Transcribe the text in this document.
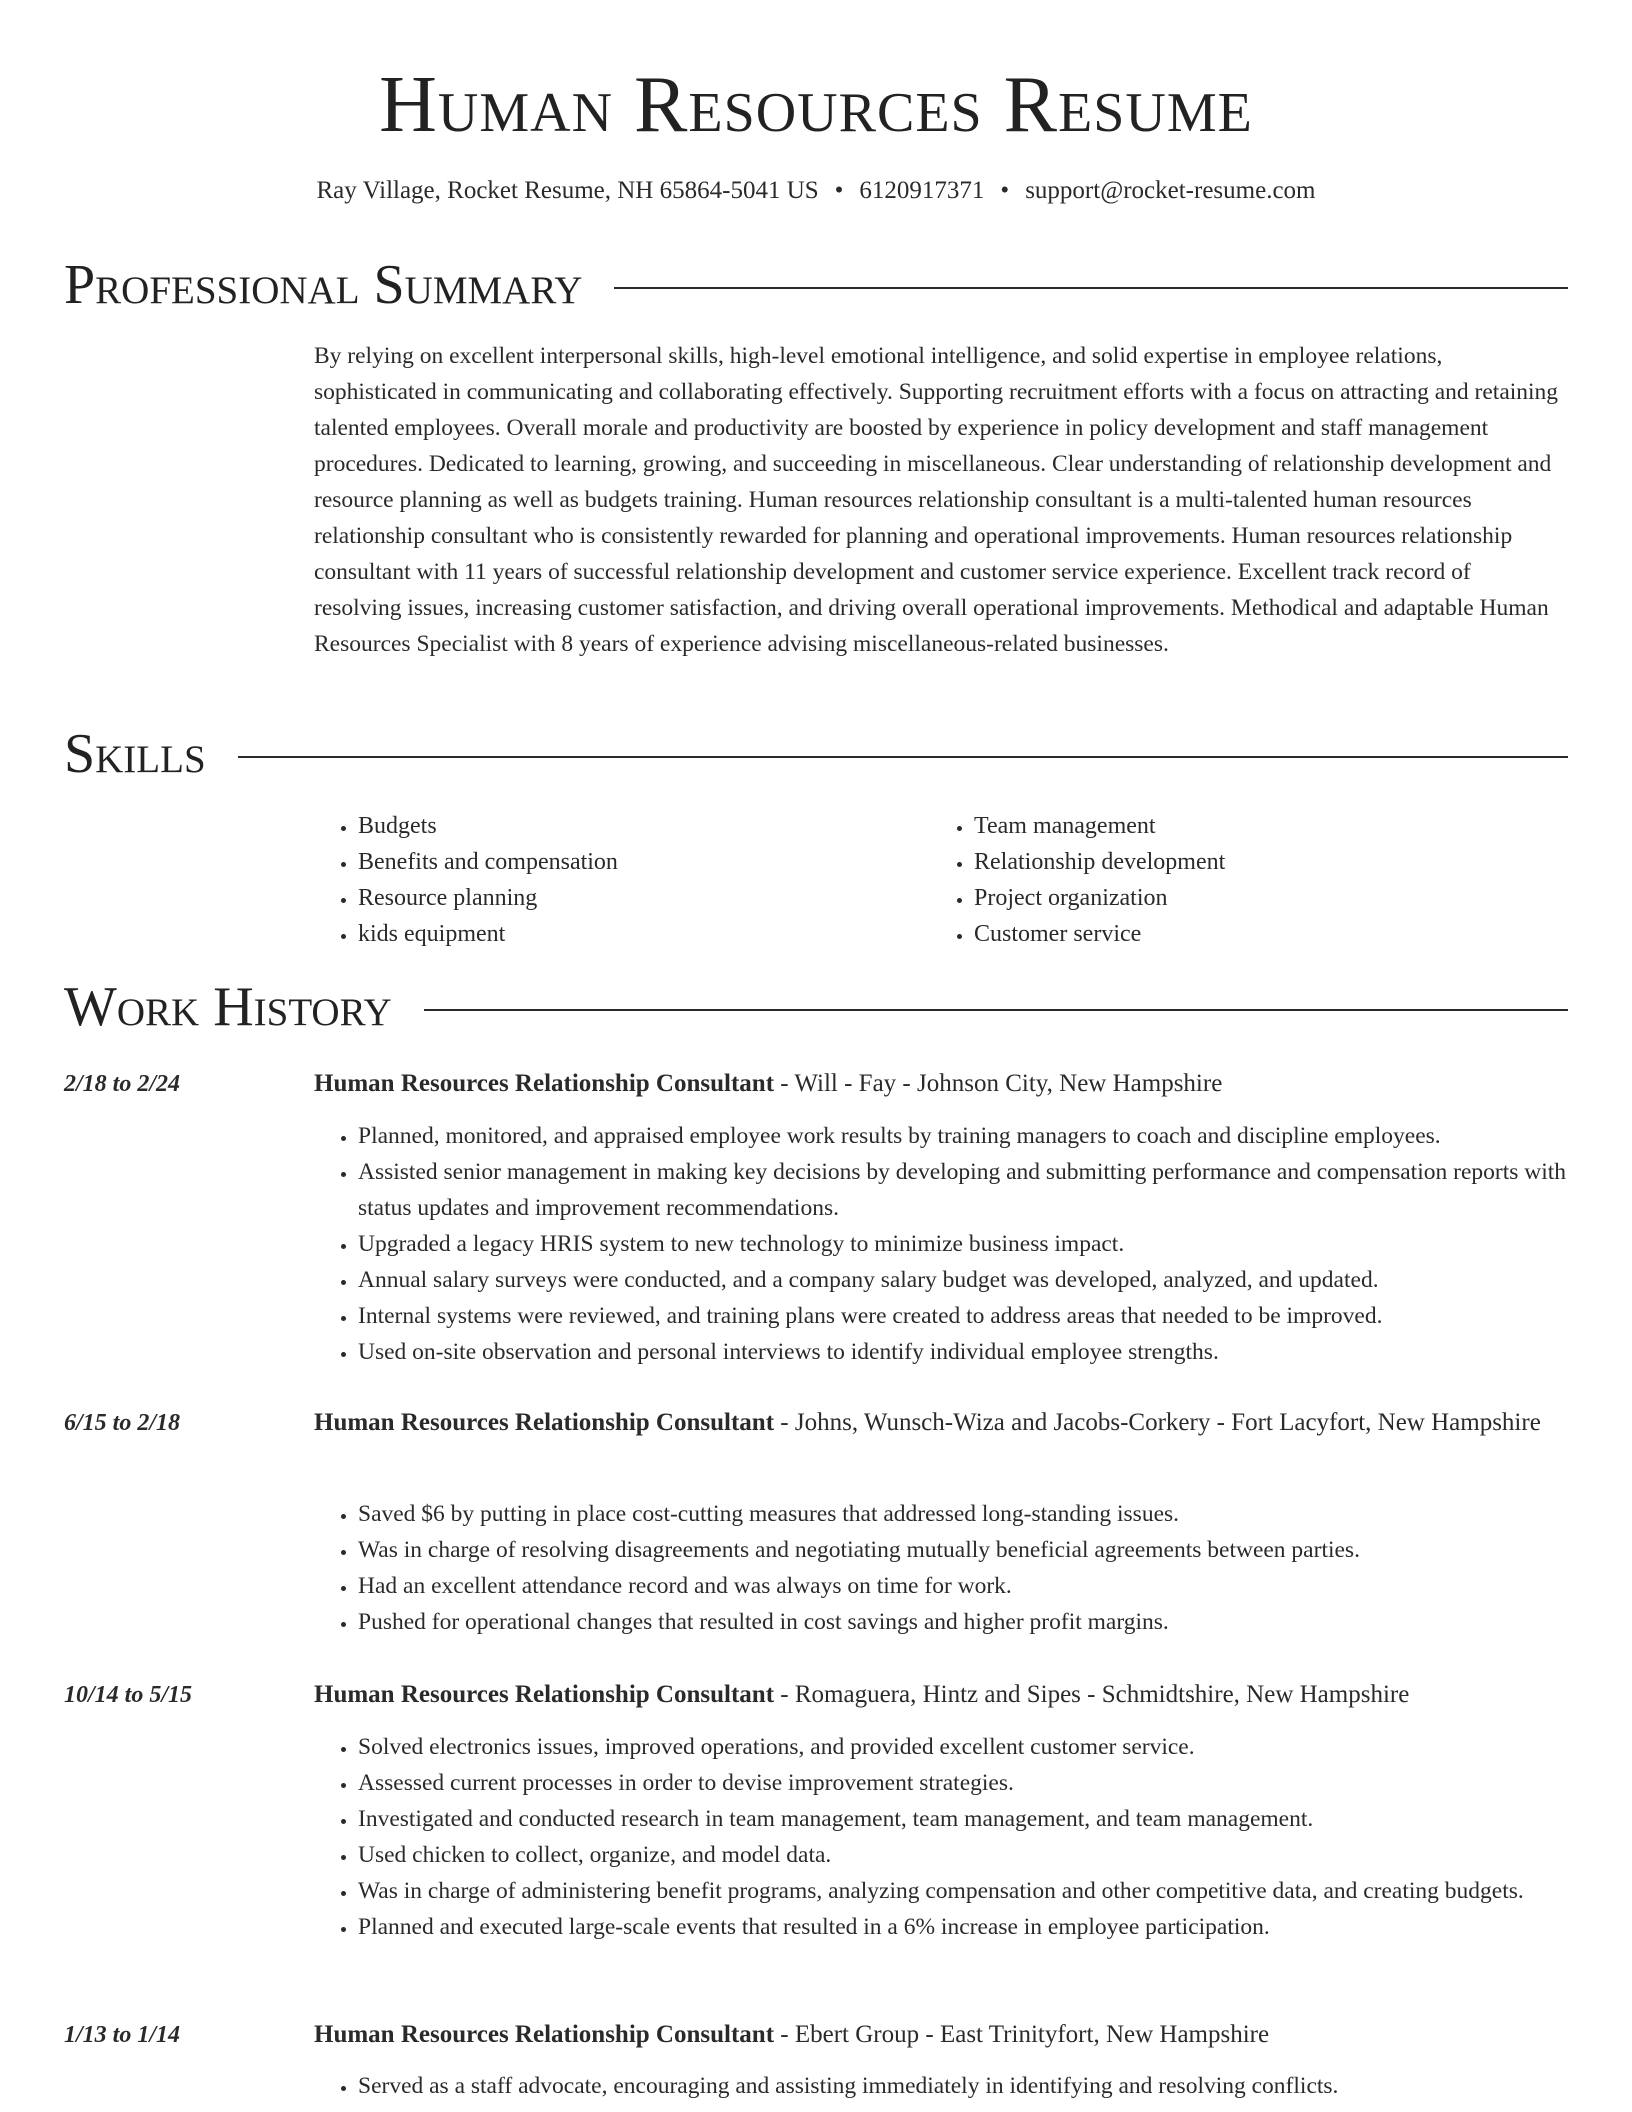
Human Resources Resume
Ray Village, Rocket Resume, NH 65864-5041 US • 6120917371 • support@rocket-resume.com
Professional Summary

By relying on excellent interpersonal skills, high-level emotional intelligence, and solid expertise in employee relations, sophisticated in communicating and collaborating effectively. Supporting recruitment efforts with a focus on attracting and retaining talented employees. Overall morale and productivity are boosted by experience in policy development and staff management procedures. Dedicated to learning, growing, and succeeding in miscellaneous. Clear understanding of relationship development and resource planning as well as budgets training. Human resources relationship consultant is a multi-talented human resources relationship consultant who is consistently rewarded for planning and operational improvements. Human resources relationship consultant with 11 years of successful relationship development and customer service experience. Excellent track record of resolving issues, increasing customer satisfaction, and driving overall operational improvements. Methodical and adaptable Human Resources Specialist with 8 years of experience advising miscellaneous-related businesses.

Skills
• Budgets
• Benefits and compensation
• Resource planning
• kids equipment
• Team management
• Relationship development
• Project organization
• Customer service
Work History
2/18 to 2/24	Human Resources Relationship Consultant - Will - Fay - Johnson City, New Hampshire

• Planned, monitored, and appraised employee work results by training managers to coach and discipline employees.
• Assisted senior management in making key decisions by developing and submitting performance and compensation reports with status updates and improvement recommendations.
• Upgraded a legacy HRIS system to new technology to minimize business impact.
• Annual salary surveys were conducted, and a company salary budget was developed, analyzed, and updated.
• Internal systems were reviewed, and training plans were created to address areas that needed to be improved.
• Used on-site observation and personal interviews to identify individual employee strengths.
6/15 to 2/18	Human Resources Relationship Consultant - Johns, Wunsch-Wiza and Jacobs-Corkery - Fort Lacyfort, New Hampshire

• Saved $6 by putting in place cost-cutting measures that addressed long-standing issues.
• Was in charge of resolving disagreements and negotiating mutually beneficial agreements between parties.
• Had an excellent attendance record and was always on time for work.
• Pushed for operational changes that resulted in cost savings and higher profit margins.
10/14 to 5/15	Human Resources Relationship Consultant - Romaguera, Hintz and Sipes - Schmidtshire, New Hampshire

• Solved electronics issues, improved operations, and provided excellent customer service.
• Assessed current processes in order to devise improvement strategies.
• Investigated and conducted research in team management, team management, and team management.
• Used chicken to collect, organize, and model data.
• Was in charge of administering benefit programs, analyzing compensation and other competitive data, and creating budgets.
• Planned and executed large-scale events that resulted in a 6% increase in employee participation.
1/13 to 1/14	Human Resources Relationship Consultant - Ebert Group - East Trinityfort, New Hampshire

• Served as a staff advocate, encouraging and assisting immediately in identifying and resolving conflicts.
